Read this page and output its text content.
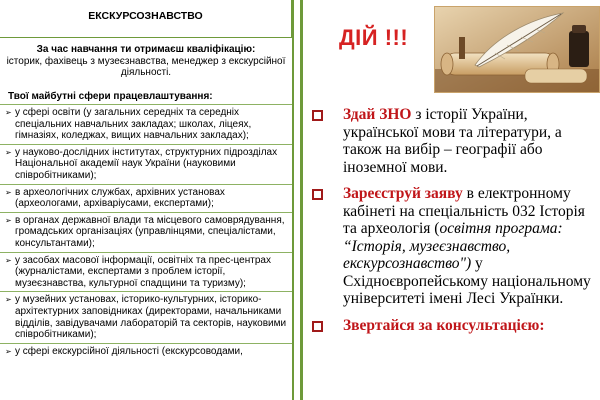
ЕКСКУРСОЗНАВСТВО
За час навчання ти отримаєш кваліфікацію:
історик, фахівець з музеєзнавства, менеджер з екскурсійної діяльності.
Твої майбутні сфери працевлаштування:
➢ у сфері освіти (у загальних середніх та середніх спеціальних навчальних закладах; школах, ліцеях, гімназіях, коледжах, вищих навчальних закладах);
➢ у науково-дослідних інститутах, структурних підрозділах Національної академії наук України (науковими співробітниками);
➢ в археологічних службах, архівних установах (археологами, архіваріусами, експертами);
➢ в органах державної влади та місцевого самоврядування, громадських організаціях (управлінцями, спеціалістами, консультантами);
➢ у засобах масової інформації, освітніх та прес-центрах (журналістами, експертами з проблем історії, музеєзнавства, культурної спадщини та туризму);
➢ у музейних установах, історико-культурних, історико-архітектурних заповідниках (директорами, начальниками відділів, завідувачами лабораторій та секторів, науковими співробітниками);
➢ у сфері екскурсійної діяльності (екскурсоводами,
ДІЙ !!!
Здай ЗНО з історії України, української мови та літератури, а також на вибір – географії або іноземної мови.
Зареєструй заяву в електронному кабінеті на спеціальність 032 Історія та археологія (освітня програма: “Історія, музеєзнавство, екскурсознавство") у Східноєвропейському національному університеті імені Лесі Українки.
Звертайся за консультацією:
